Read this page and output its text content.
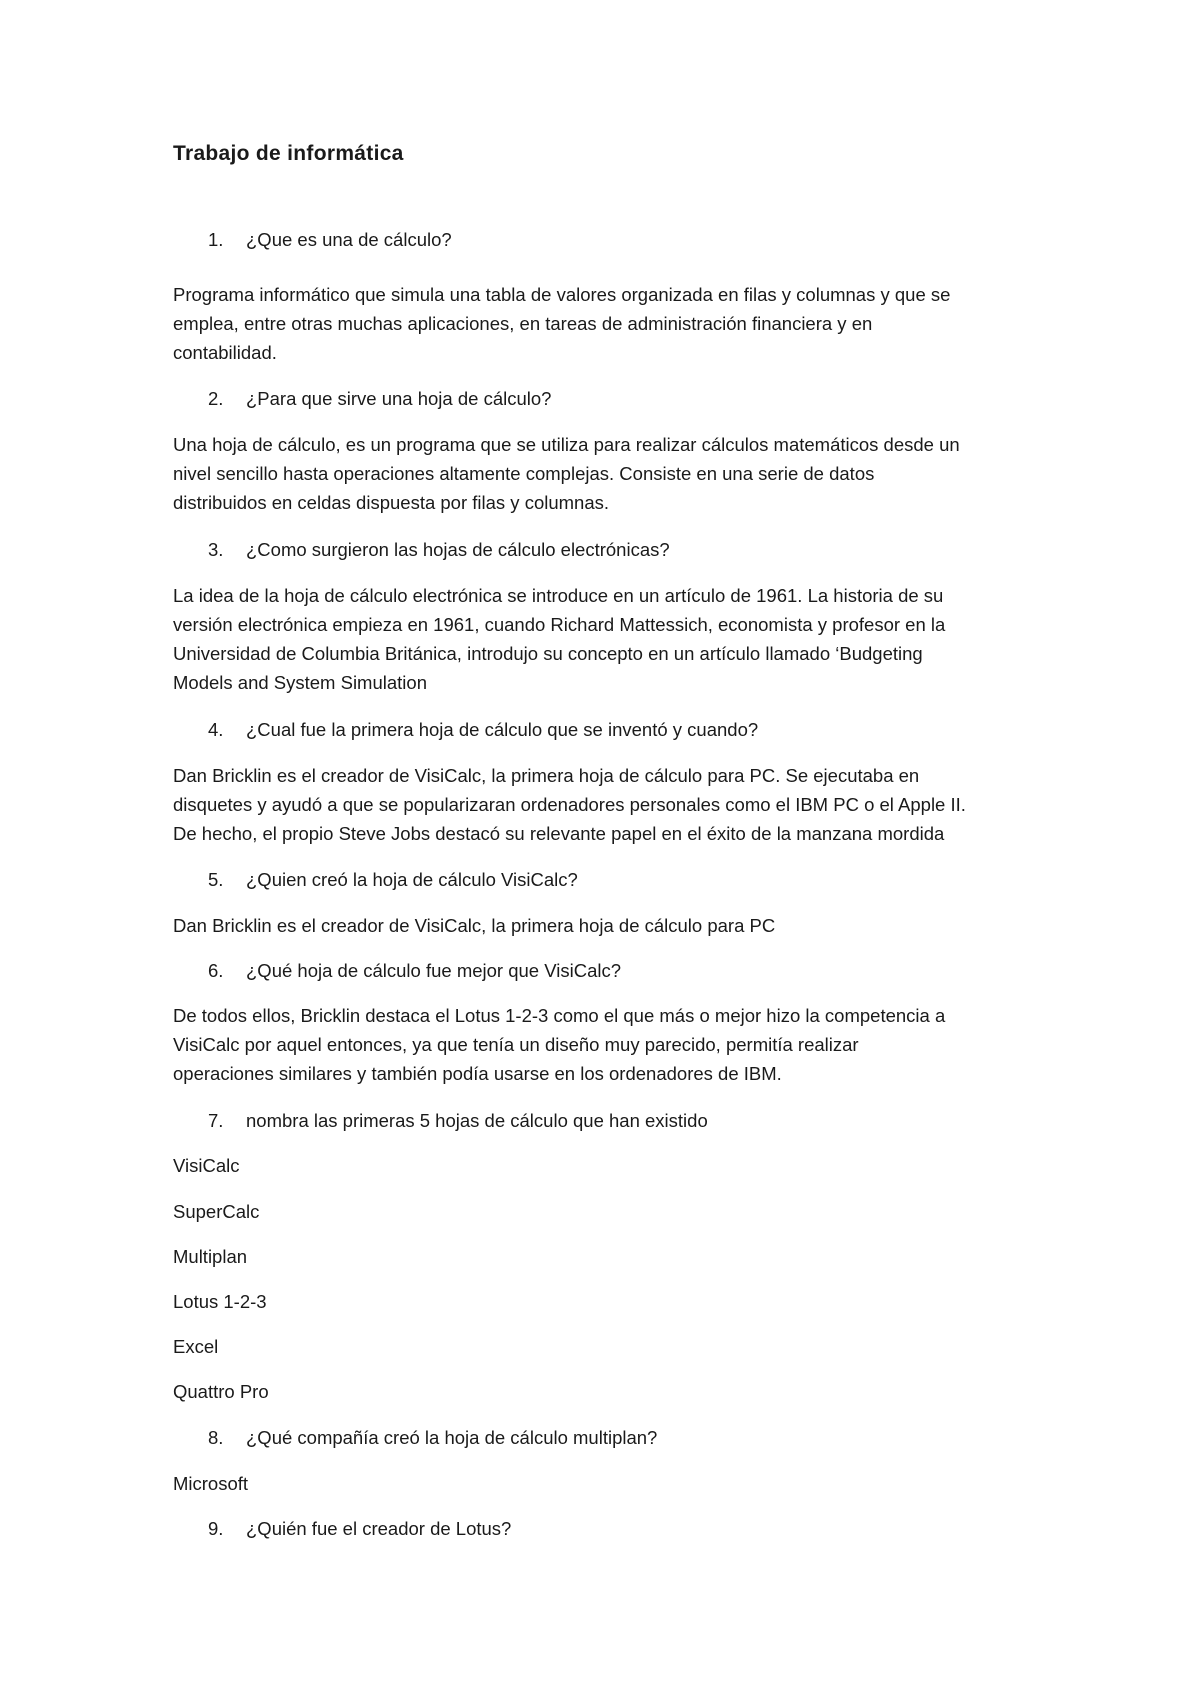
Trabajo de informática

1. ¿Que es una de cálculo?

Programa informático que simula una tabla de valores organizada en filas y columnas y que se
emplea, entre otras muchas aplicaciones, en tareas de administración financiera y en
contabilidad.

2. ¿Para que sirve una hoja de cálculo?

Una hoja de cálculo, es un programa que se utiliza para realizar cálculos matemáticos desde un
nivel sencillo hasta operaciones altamente complejas. Consiste en una serie de datos
distribuidos en celdas dispuesta por filas y columnas.

3. ¿Como surgieron las hojas de cálculo electrónicas?

La idea de la hoja de cálculo electrónica se introduce en un artículo de 1961. La historia de su
versión electrónica empieza en 1961, cuando Richard Mattessich, economista y profesor en la
Universidad de Columbia Británica, introdujo su concepto en un artículo llamado ‘Budgeting
Models and System Simulation

4. ¿Cual fue la primera hoja de cálculo que se inventó y cuando?

Dan Bricklin es el creador de VisiCalc, la primera hoja de cálculo para PC. Se ejecutaba en
disquetes y ayudó a que se popularizaran ordenadores personales como el IBM PC o el Apple II.
De hecho, el propio Steve Jobs destacó su relevante papel en el éxito de la manzana mordida

5. ¿Quien creó la hoja de cálculo VisiCalc?

Dan Bricklin es el creador de VisiCalc, la primera hoja de cálculo para PC

6. ¿Qué hoja de cálculo fue mejor que VisiCalc?

De todos ellos, Bricklin destaca el Lotus 1-2-3 como el que más o mejor hizo la competencia a
VisiCalc por aquel entonces, ya que tenía un diseño muy parecido, permitía realizar
operaciones similares y también podía usarse en los ordenadores de IBM.

7. nombra las primeras 5 hojas de cálculo que han existido

VisiCalc

SuperCalc

Multiplan

Lotus 1-2-3

Excel

Quattro Pro

8. ¿Qué compañía creó la hoja de cálculo multiplan?

Microsoft

9. ¿Quién fue el creador de Lotus?
